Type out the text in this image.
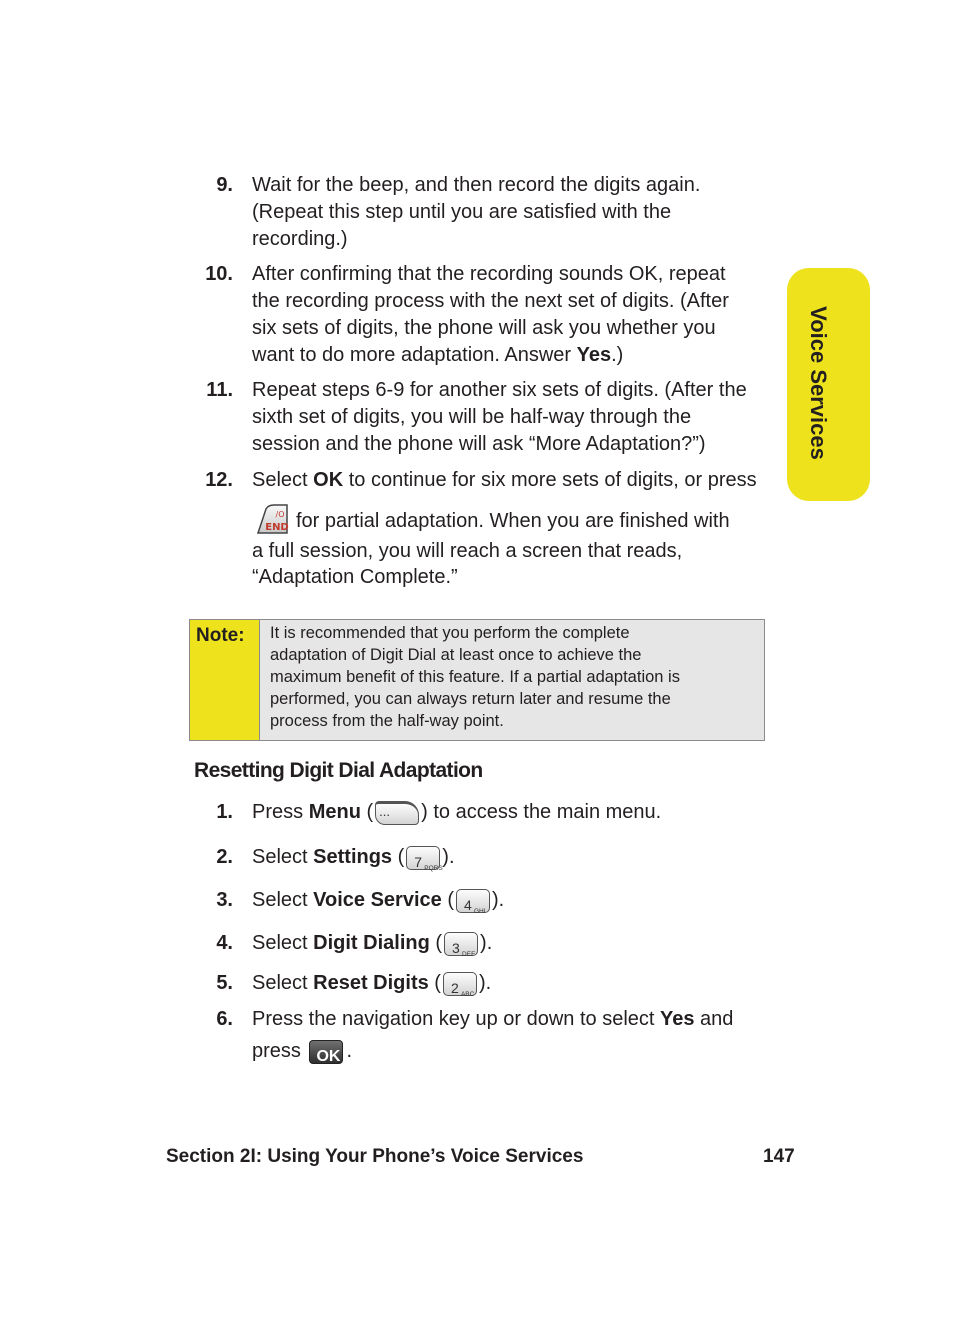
Voice Services
9. Wait for the beep, and then record the digits again.
(Repeat this step until you are satisfied with the
recording.)
10. After confirming that the recording sounds OK, repeat
the recording process with the next set of digits. (After
six sets of digits, the phone will ask you whether you
want to do more adaptation. Answer Yes.)
11. Repeat steps 6-9 for another six sets of digits. (After the
sixth set of digits, you will be half-way through the
session and the phone will ask “More Adaptation?”)
12. Select OK to continue for six more sets of digits, or press
/O
END for partial adaptation. When you are finished with
a full session, you will reach a screen that reads,
“Adaptation Complete.”
Note: It is recommended that you perform the complete
adaptation of Digit Dial at least once to achieve the
maximum benefit of this feature. If a partial adaptation is
performed, you can always return later and resume the
process from the half-way point.
Resetting Digit Dial Adaptation
1. Press Menu ( ... ) to access the main menu.
2. Select Settings ( 7 PQRS
).
3. Select Voice Service ( 4 GHI
).
4. Select Digit Dialing ( 3 DEF
).
5. Select Reset Digits ( 2 ABC
).
6. Press the navigation key up or down to select Yes and
press OK .
Section 2I: Using Your Phone’s Voice Services	147
